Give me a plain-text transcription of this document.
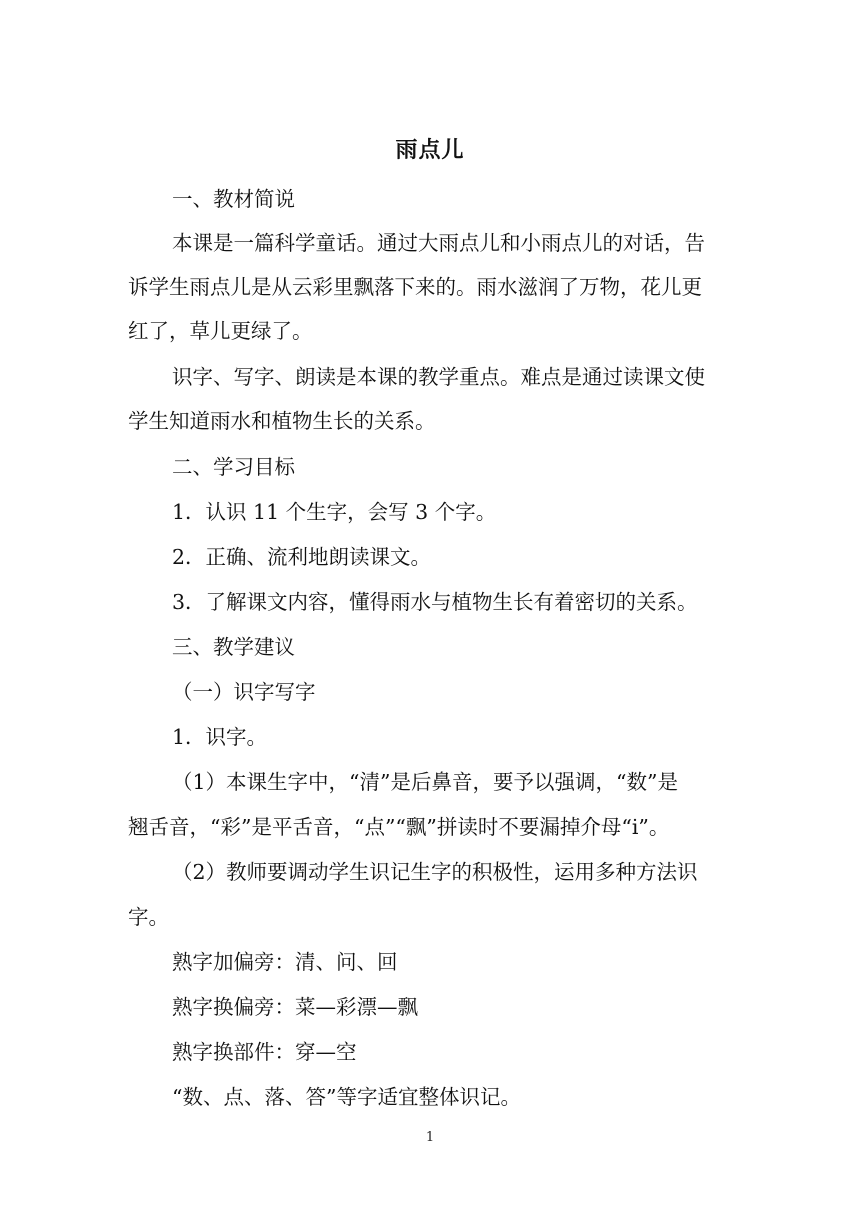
雨点儿
一、教材简说
本课是一篇科学童话。通过大雨点儿和小雨点儿的对话，告
诉学生雨点儿是从云彩里飘落下来的。雨水滋润了万物，花儿更
红了，草儿更绿了。
识字、写字、朗读是本课的教学重点。难点是通过读课文使
学生知道雨水和植物生长的关系。
二、学习目标
1．认识 11 个生字，会写 3 个字。
2．正确、流利地朗读课文。
3．了解课文内容，懂得雨水与植物生长有着密切的关系。
三、教学建议
（一）识字写字
1．识字。
（1）本课生字中，“清”是后鼻音，要予以强调，“数”是
翘舌音，“彩”是平舌音，“点”“飘”拼读时不要漏掉介母“i”。
（2）教师要调动学生识记生字的积极性，运用多种方法识
字。
熟字加偏旁：清、问、回
熟字换偏旁：菜—彩漂—飘
熟字换部件：穿—空
“数、点、落、答”等字适宜整体识记。
1
